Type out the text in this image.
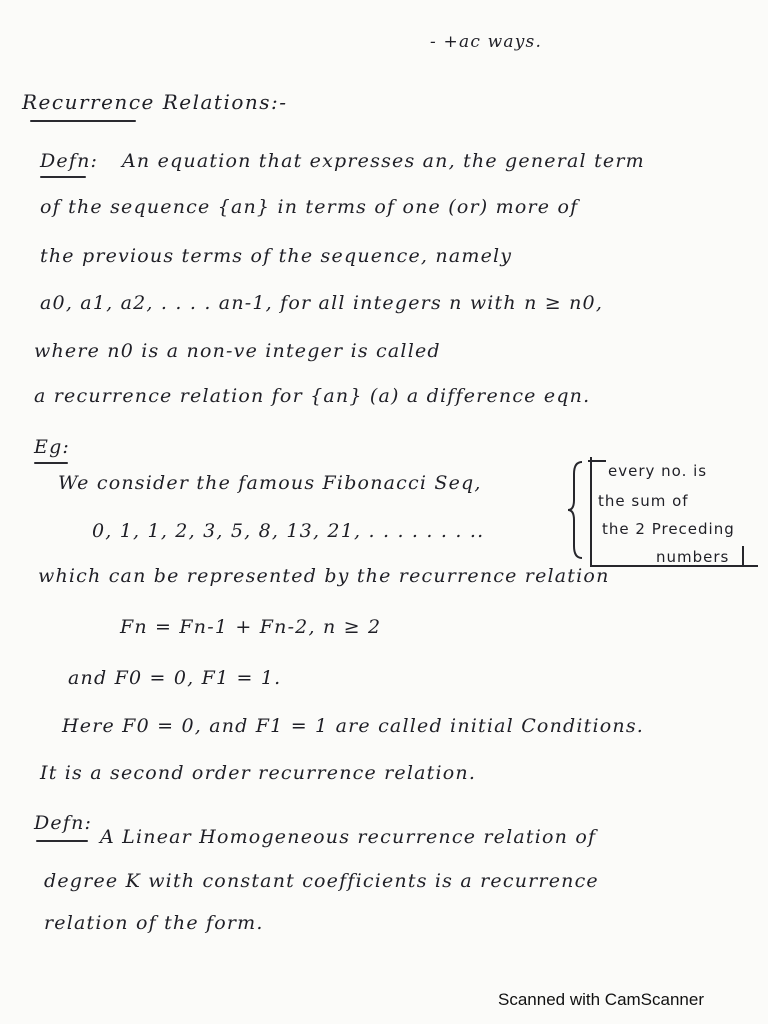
- +ac ways.
Recurrence Relations:-
Defn: An equation that expresses an, the general term
of the sequence {an} in terms of one (or) more of
the previous terms of the sequence, namely
a0, a1, a2, . . . . an-1, for all integers n with n ≥ n0,
where n0 is a non-ve integer is called
a recurrence relation for {an} (a) a difference eqn.
Eg:
We consider the famous Fibonacci Seq,
0, 1, 1, 2, 3, 5, 8, 13, 21, . . . . . . . ..
every no. is
the sum of
the 2 Preceding
numbers
which can be represented by the recurrence relation
Fn = Fn-1 + Fn-2, n ≥ 2
and F0 = 0, F1 = 1.
Here F0 = 0, and F1 = 1 are called initial Conditions.
It is a second order recurrence relation.
Defn:
A Linear Homogeneous recurrence relation of
degree K with constant coefficients is a recurrence
relation of the form.
Scanned with CamScanner
